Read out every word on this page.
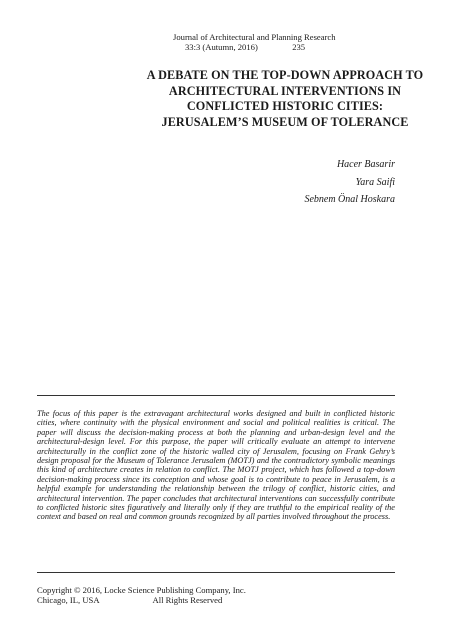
Journal of Architectural and Planning Research
33:3 (Autumn, 2016)	235
A DEBATE ON THE TOP-DOWN APPROACH TO
ARCHITECTURAL INTERVENTIONS IN
CONFLICTED HISTORIC CITIES:
JERUSALEM’S MUSEUM OF TOLERANCE
Hacer Basarir
Yara Saifi
Sebnem Önal Hoskara
The focus of this paper is the extravagant architectural works designed and built in conflicted historic cities, where continuity with the physical environment and social and political realities is critical. The paper will discuss the decision-making process at both the planning and urban-design level and the architectural-design level. For this purpose, the paper will critically evaluate an attempt to intervene architecturally in the conflict zone of the historic walled city of Jerusalem, focusing on Frank Gehry’s design proposal for the Museum of Tolerance Jerusalem (MOTJ) and the contradictory symbolic meanings this kind of architecture creates in relation to conflict. The MOTJ project, which has followed a top-down decision-making process since its conception and whose goal is to contribute to peace in Jerusalem, is a helpful example for understanding the relationship between the trilogy of conflict, historic cities, and architectural intervention. The paper concludes that architectural interventions can successfully contribute to conflicted historic sites figuratively and literally only if they are truthful to the empirical reality of the context and based on real and common grounds recognized by all parties involved throughout the process.
Copyright © 2016, Locke Science Publishing Company, Inc.
Chicago, IL, USA	All Rights Reserved
